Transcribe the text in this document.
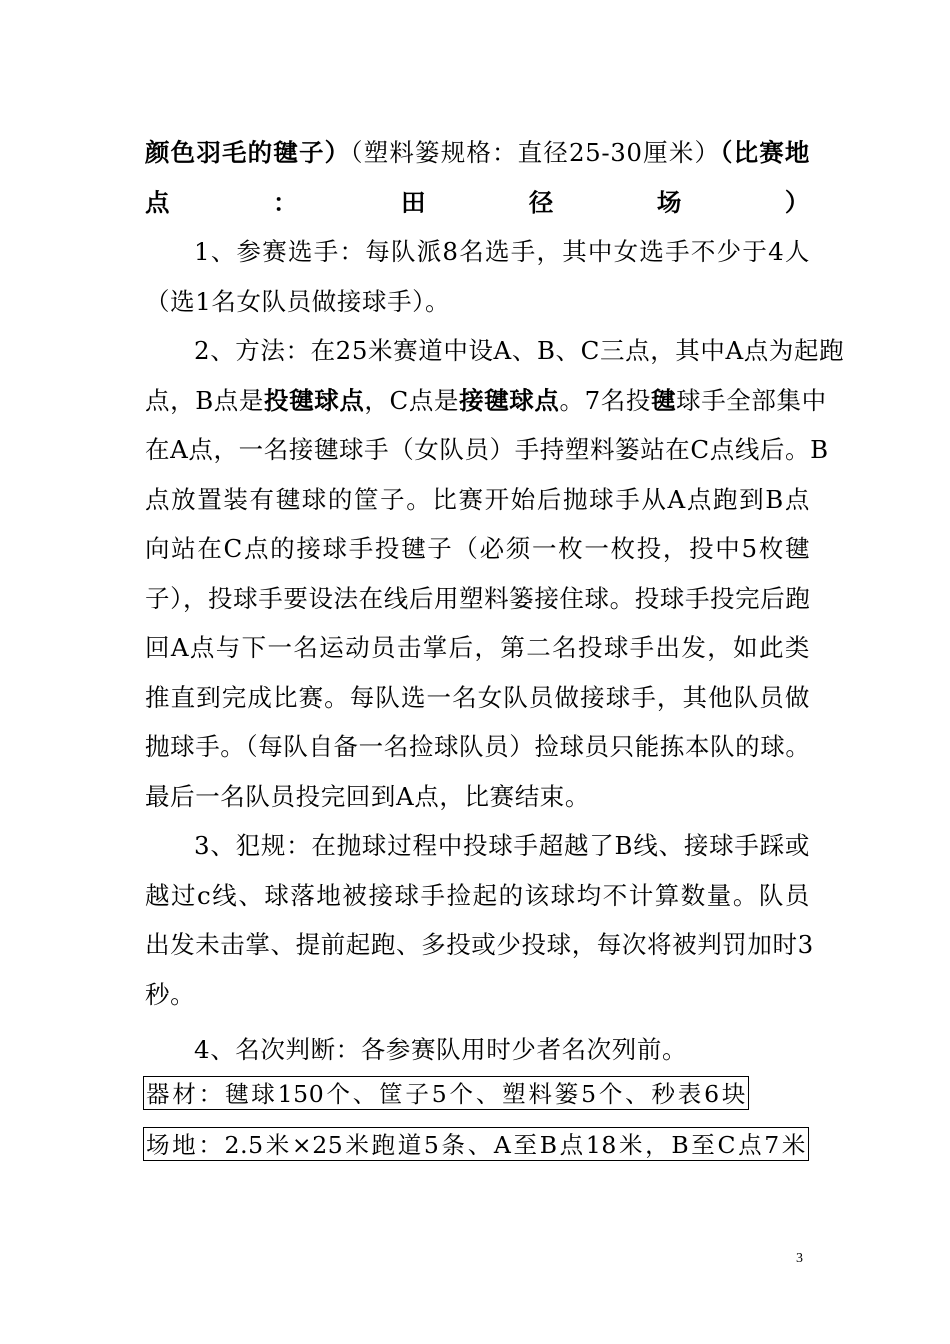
颜色羽毛的毽子）（塑料篓规格：直径25-30厘米）（比赛地
点：田径场）
1、参赛选手：每队派8名选手，其中女选手不少于4人
（选1名女队员做接球手）。
2、方法：在25米赛道中设A、B、C三点，其中A点为起跑
点，B点是投毽球点，C点是接毽球点。7名投毽球手全部集中
在A点，一名接毽球手（女队员）手持塑料篓站在C点线后。B
点放置装有毽球的筐子。比赛开始后抛球手从A点跑到B点
向站在C点的接球手投毽子（必须一枚一枚投，投中5枚毽
子），投球手要设法在线后用塑料篓接住球。投球手投完后跑
回A点与下一名运动员击掌后，第二名投球手出发，如此类
推直到完成比赛。每队选一名女队员做接球手，其他队员做
抛球手。（每队自备一名捡球队员）捡球员只能拣本队的球。
最后一名队员投完回到A点，比赛结束。
3、犯规：在抛球过程中投球手超越了B线、接球手踩或
越过c线、球落地被接球手捡起的该球均不计算数量。队员
出发未击掌、提前起跑、多投或少投球，每次将被判罚加时3
秒。
4、名次判断：各参赛队用时少者名次列前。
器材：毽球150个、筐子5个、塑料篓5个、秒表6块
场地：2.5米×25米跑道5条、A至B点18米，B至C点7米
3
